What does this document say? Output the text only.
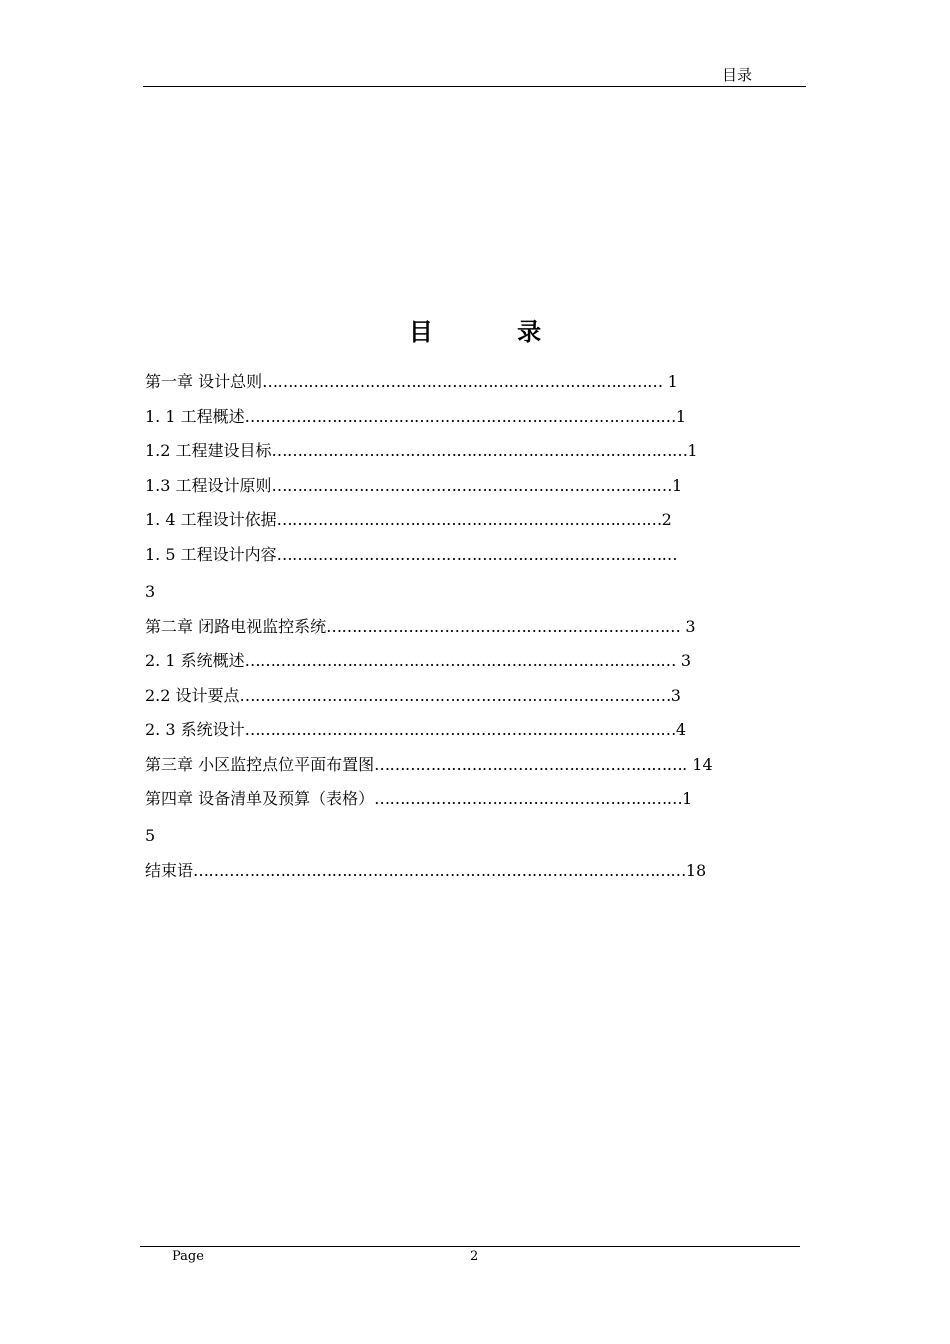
目录
目 录
第一章 设计总则…………………………………………………………………… 1
1. 1 工程概述…………………………………………………………………………1
1.2 工程建设目标………………………………………………………………………1
1.3 工程设计原则……………………………………………………………………1
1. 4 工程设计依据…………………………………………………………………2
1. 5 工程设计内容……………………………………………………………………
3
第二章 闭路电视监控系统…………………………………………………………… 3
2. 1 系统概述………………………………………………………………………… 3
2.2 设计要点…………………………………………………………………………3
2. 3 系统设计…………………………………………………………………………4
第三章 小区监控点位平面布置图……………………………………………………. 14
第四章 设备清单及预算（表格）……………………………………………………1
5
结束语……………………………………………………………………………………18
Page	2
